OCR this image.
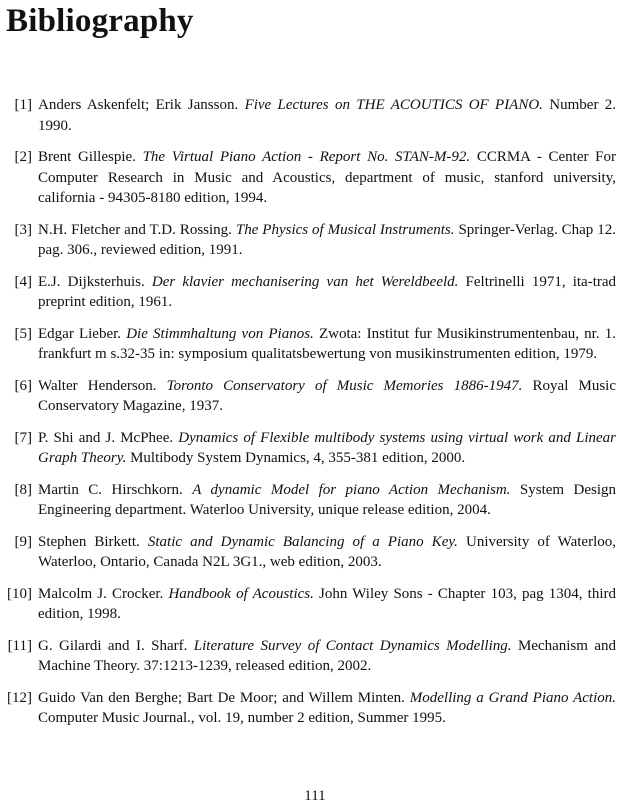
Bibliography
[1] Anders Askenfelt; Erik Jansson. Five Lectures on THE ACOUTICS OF PIANO. Number 2. 1990.
[2] Brent Gillespie. The Virtual Piano Action - Report No. STAN-M-92. CCRMA - Center For Computer Research in Music and Acoustics, department of music, stanford university, california - 94305-8180 edition, 1994.
[3] N.H. Fletcher and T.D. Rossing. The Physics of Musical Instruments. Springer-Verlag. Chap 12. pag. 306., reviewed edition, 1991.
[4] E.J. Dijksterhuis. Der klavier mechanisering van het Wereldbeeld. Feltrinelli 1971, ita-trad preprint edition, 1961.
[5] Edgar Lieber. Die Stimmhaltung von Pianos. Zwota: Institut fur Musikinstrumentenbau, nr. 1. frankfurt m s.32-35 in: symposium qualitatsbewertung von musikinstrumenten edition, 1979.
[6] Walter Henderson. Toronto Conservatory of Music Memories 1886-1947. Royal Music Conservatory Magazine, 1937.
[7] P. Shi and J. McPhee. Dynamics of Flexible multibody systems using virtual work and Linear Graph Theory. Multibody System Dynamics, 4, 355-381 edition, 2000.
[8] Martin C. Hirschkorn. A dynamic Model for piano Action Mechanism. System Design Engineering department. Waterloo University, unique release edition, 2004.
[9] Stephen Birkett. Static and Dynamic Balancing of a Piano Key. University of Waterloo, Waterloo, Ontario, Canada N2L 3G1., web edition, 2003.
[10] Malcolm J. Crocker. Handbook of Acoustics. John Wiley Sons - Chapter 103, pag 1304, third edition, 1998.
[11] G. Gilardi and I. Sharf. Literature Survey of Contact Dynamics Modelling. Mechanism and Machine Theory. 37:1213-1239, released edition, 2002.
[12] Guido Van den Berghe; Bart De Moor; and Willem Minten. Modelling a Grand Piano Action. Computer Music Journal., vol. 19, number 2 edition, Summer 1995.
111
